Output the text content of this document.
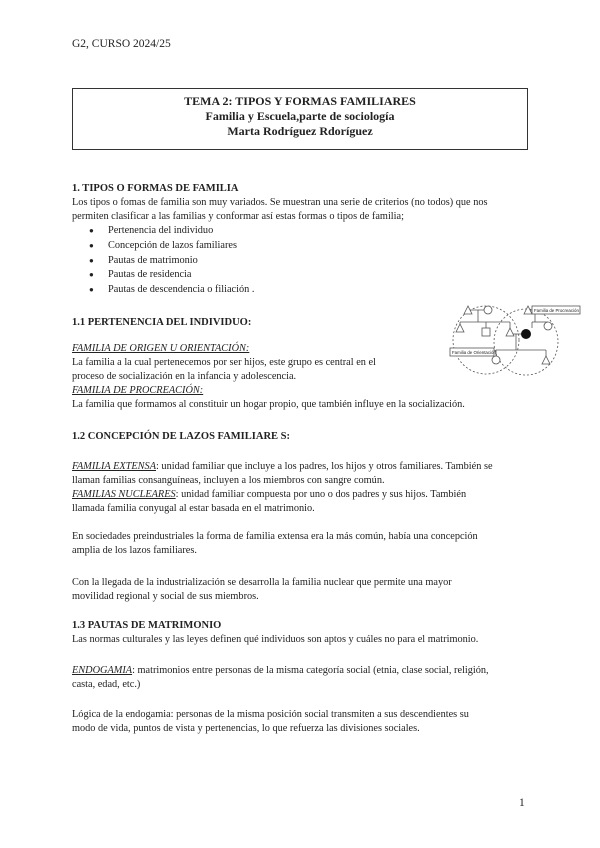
G2, CURSO 2024/25
TEMA 2: TIPOS Y FORMAS FAMILIARES
Familia y Escuela,parte de sociología
Marta Rodríguez Rdoríguez
1. TIPOS O FORMAS DE FAMILIA
Los tipos o fomas de familia son muy variados. Se muestran una serie de criterios (no todos) que nos
permiten clasificar a las familias y conformar así estas formas o tipos de familia;
● Pertenencia del individuo
● Concepción de lazos familiares
● Pautas de matrimonio
● Pautas de residencia
● Pautas de descendencia o filiación .
1.1 PERTENENCIA DEL INDIVIDUO:
FAMILIA DE ORIGEN U ORIENTACIÓN:
La familia a la cual pertenecemos por ser hijos, este grupo es central en el
proceso de socialización en la infancia y adolescencia.
FAMILIA DE PROCREACIÓN:
La familia que formamos al constituir un hogar propio, que también influye en la socialización.
Familia de Procreación
Familia de Orientación
1.2 CONCEPCIÓN DE LAZOS FAMILIARE S:
FAMILIA EXTENSA: unidad familiar que incluye a los padres, los hijos y otros familiares. También se
llaman familias consanguíneas, incluyen a los miembros con sangre común.
FAMILIAS NUCLEARES: unidad familiar compuesta por uno o dos padres y sus hijos. También
llamada familia conyugal al estar basada en el matrimonio.
En sociedades preindustriales la forma de familia extensa era la más común, había una concepción
amplia de los lazos familiares.
Con la llegada de la industrialización se desarrolla la familia nuclear que permite una mayor
movilidad regional y social de sus miembros.
1.3 PAUTAS DE MATRIMONIO
Las normas culturales y las leyes definen qué individuos son aptos y cuáles no para el matrimonio.
ENDOGAMIA: matrimonios entre personas de la misma categoría social (etnia, clase social, religión,
casta, edad, etc.)
Lógica de la endogamia: personas de la misma posición social transmiten a sus descendientes su
modo de vida, puntos de vista y pertenencias, lo que refuerza las divisiones sociales.
1
